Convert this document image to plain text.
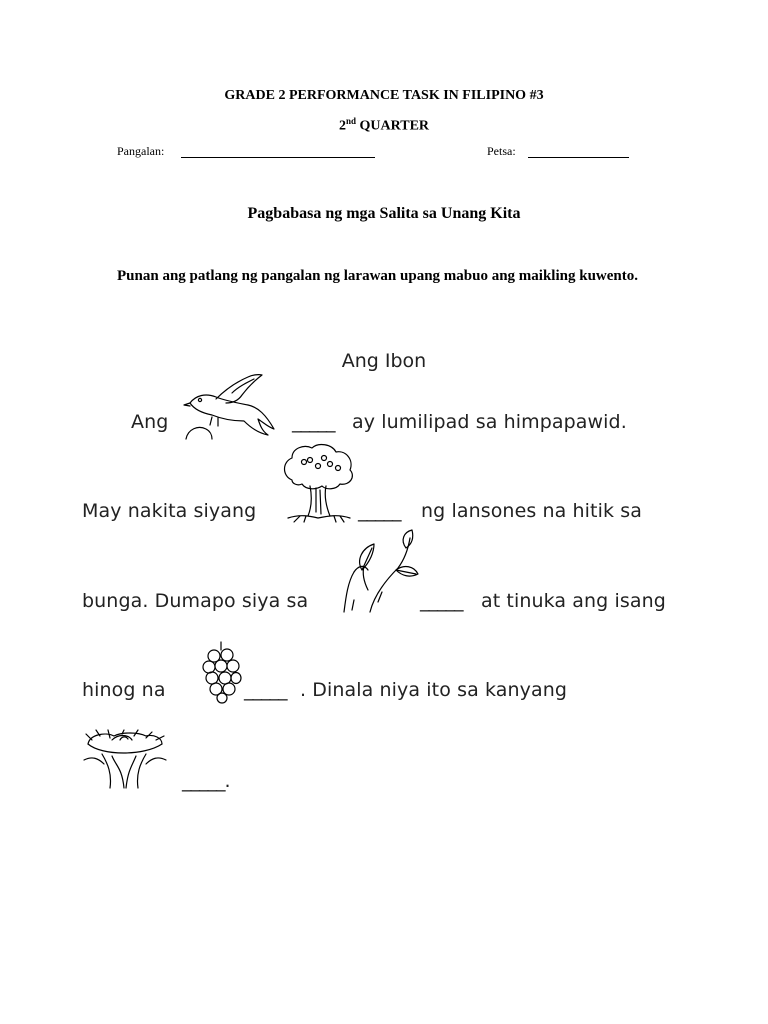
GRADE 2 PERFORMANCE TASK IN FILIPINO #3
2nd QUARTER
Pangalan:	Petsa:
Pagbabasa ng mga Salita sa Unang Kita
Punan ang patlang ng pangalan ng larawan upang mabuo ang maikling kuwento.
Ang Ibon
Ang	_____ ay lumilipad sa himpapawid.
May nakita siyang	_____ ng lansones na hitik sa
bunga. Dumapo siya sa	_____ at tinuka ang isang
hinog na	_____ . Dinala niya ito sa kanyang
_____.
